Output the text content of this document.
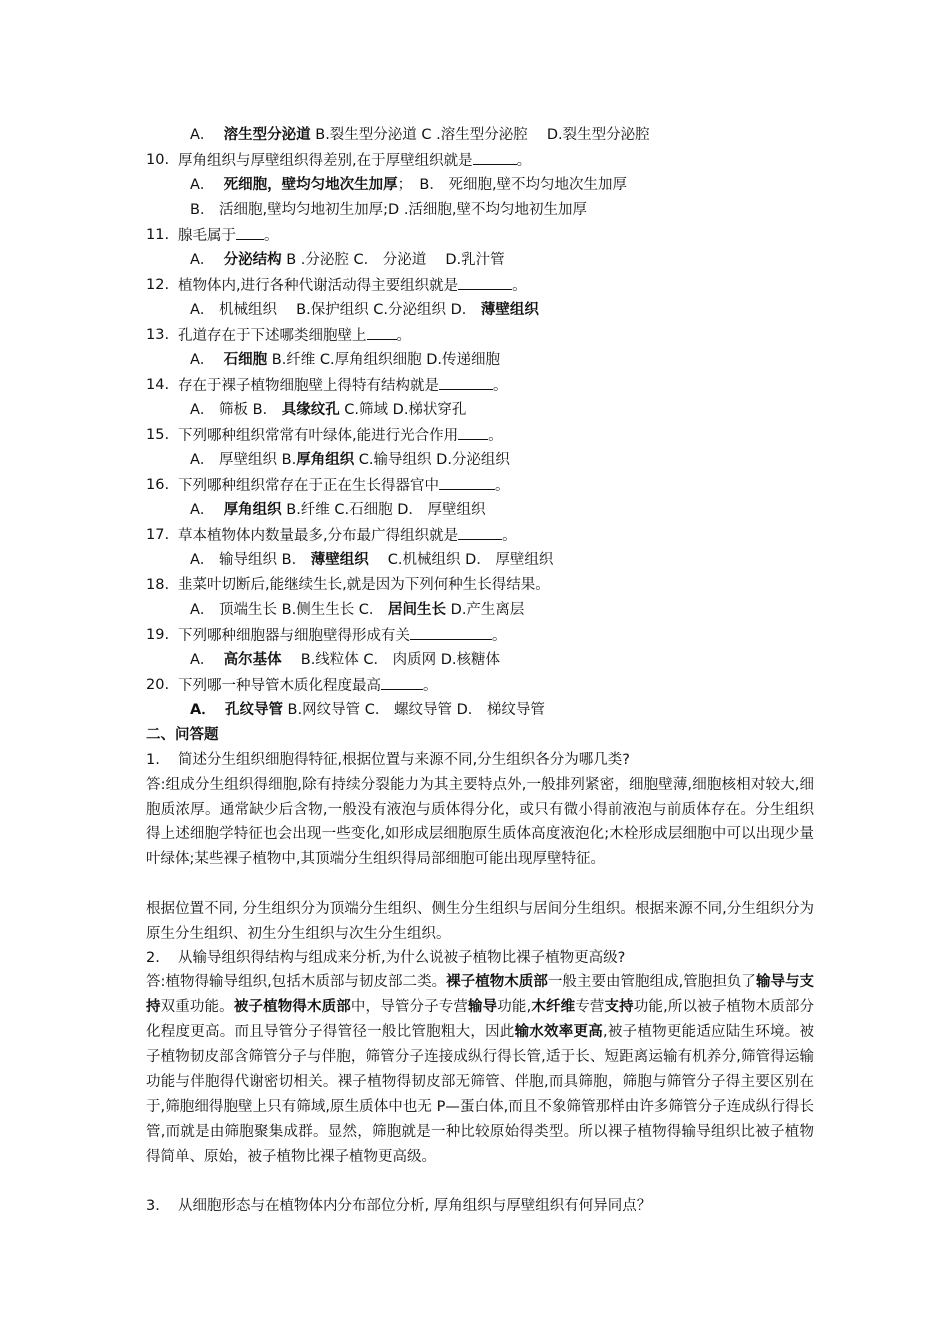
A． 溶生型分泌道 B.裂生型分泌道 C .溶生型分泌腔　 D.裂生型分泌腔
10. 厚角组织与厚壁组织得差别,在于厚壁组织就是	。
A． 死细胞，壁均匀地次生加厚；　B． 死细胞,壁不均匀地次生加厚
B． 活细胞,壁均匀地初生加厚;D .活细胞,壁不均匀地初生加厚
11. 腺毛属于 。
A． 分泌结构 B .分泌腔 C． 分泌道　 D.乳汁管
12. 植物体内,进行各种代谢活动得主要组织就是	。
A． 机械组织　 B.保护组织 C.分泌组织 D． 薄壁组织
13. 孔道存在于下述哪类细胞壁上 。
A． 石细胞 B.纤维 C.厚角组织细胞 D.传递细胞
14. 存在于裸子植物细胞壁上得特有结构就是	。
A． 筛板 B． 具缘纹孔 C.筛域 D.梯状穿孔
15. 下列哪种组织常常有叶绿体,能进行光合作用 。
A． 厚壁组织 B.厚角组织 C.输导组织 D.分泌组织
16. 下列哪种组织常存在于正在生长得器官中	。
A． 厚角组织 B.纤维 C.石细胞 D． 厚壁组织
17. 草本植物体内数量最多,分布最广得组织就是	。
A． 输导组织 B． 薄壁组织　 C.机械组织 D． 厚壁组织
18. 韭菜叶切断后,能继续生长,就是因为下列何种生长得结果。
A． 顶端生长 B.侧生生长 C． 居间生长 D.产生离层
19. 下列哪种细胞器与细胞壁得形成有关	。
A． 高尔基体　 B.线粒体 C． 肉质网 D.核糖体
20. 下列哪一种导管木质化程度最高	。
A． 孔纹导管 B.网纹导管 C． 螺纹导管 D． 梯纹导管
二、问答题
1.	简述分生组织细胞得特征,根据位置与来源不同,分生组织各分为哪几类?
答:组成分生组织得细胞,除有持续分裂能力为其主要特点外,一般排列紧密，细胞壁薄,细胞核相对较大,细胞质浓厚。通常缺少后含物,一般没有液泡与质体得分化，或只有微小得前液泡与前质体存在。分生组织得上述细胞学特征也会出现一些变化,如形成层细胞原生质体高度液泡化;木栓形成层细胞中可以出现少量叶绿体;某些裸子植物中,其顶端分生组织得局部细胞可能出现厚壁特征。
根据位置不同, 分生组织分为顶端分生组织、侧生分生组织与居间分生组织。根据来源不同,分生组织分为原生分生组织、初生分生组织与次生分生组织。
2.	从输导组织得结构与组成来分析,为什么说被子植物比裸子植物更高级?
答:植物得输导组织,包括木质部与韧皮部二类。裸子植物木质部一般主要由管胞组成,管胞担负了输导与支持双重功能。被子植物得木质部中，导管分子专营输导功能,木纤维专营支持功能,所以被子植物木质部分化程度更高。而且导管分子得管径一般比管胞粗大，因此输水效率更高,被子植物更能适应陆生环境。被子植物韧皮部含筛管分子与伴胞，筛管分子连接成纵行得长管,适于长、短距离运输有机养分,筛管得运输功能与伴胞得代谢密切相关。裸子植物得韧皮部无筛管、伴胞,而具筛胞，筛胞与筛管分子得主要区别在于,筛胞细得胞壁上只有筛域,原生质体中也无 P—蛋白体,而且不象筛管那样由许多筛管分子连成纵行得长管,而就是由筛胞聚集成群。显然，筛胞就是一种比较原始得类型。所以裸子植物得输导组织比被子植物得简单、原始，被子植物比裸子植物更高级。
3.	从细胞形态与在植物体内分布部位分析, 厚角组织与厚壁组织有何异同点？
